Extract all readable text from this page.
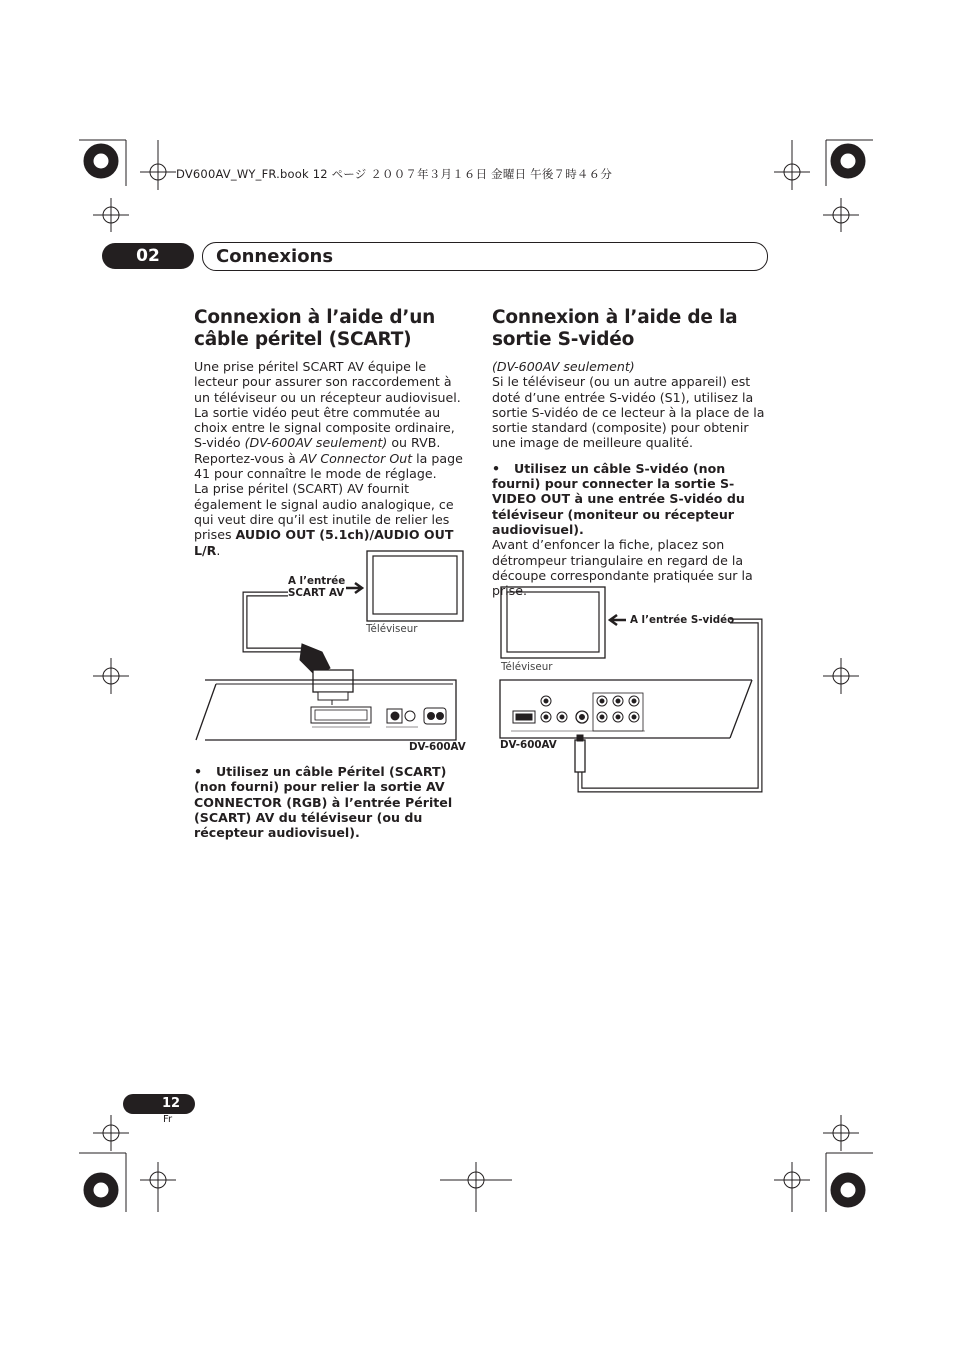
DV600AV_WY_FR.book 12 ページ ２００７年３月１６日 金曜日 午後７時４６分
02	Connexions
Connexion à l’aide d’un câble péritel (SCART)

Une prise péritel SCART AV équipe le lecteur pour assurer son raccordement à un téléviseur ou un récepteur audiovisuel. La sortie vidéo peut être commutée au choix entre le signal composite ordinaire, S-vidéo (DV-600AV seulement) ou RVB. Reportez-vous à AV Connector Out la page 41 pour connaître le mode de réglage.

La prise péritel (SCART) AV fournit également le signal audio analogique, ce qui veut dire qu’il est inutile de relier les prises AUDIO OUT (5.1ch)/AUDIO OUT L/R.

A l’entrée
SCART AV
Téléviseur
DV-600AV
• Utilisez un câble Péritel (SCART) (non fourni) pour relier la sortie AV CONNECTOR (RGB) à l’entrée Péritel (SCART) AV du téléviseur (ou du récepteur audiovisuel).
Connexion à l’aide de la sortie S-vidéo

(DV-600AV seulement)

Si le téléviseur (ou un autre appareil) est doté d’une entrée S-vidéo (S1), utilisez la sortie S-vidéo de ce lecteur à la place de la sortie standard (composite) pour obtenir une image de meilleure qualité.

• Utilisez un câble S-vidéo (non fourni) pour connecter la sortie S-VIDEO OUT à une entrée S-vidéo du téléviseur (moniteur ou récepteur audiovisuel).

Avant d’enfoncer la fiche, placez son détrompeur triangulaire en regard de la découpe correspondante pratiquée sur la prise.

A l’entrée S-vidéo
Téléviseur
DV-600AV
12
Fr
